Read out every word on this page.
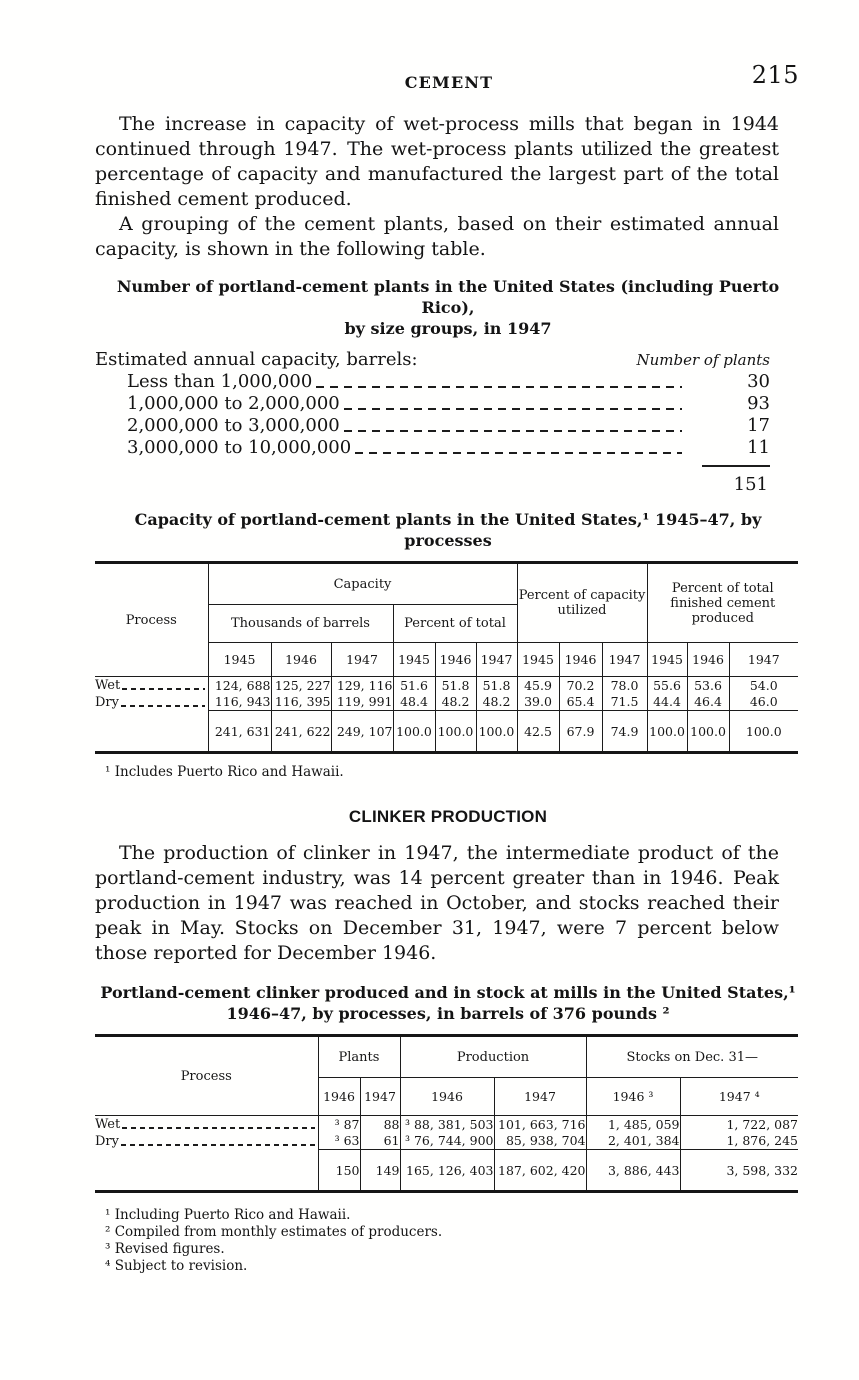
CEMENT	215

The increase in capacity of wet-process mills that began in 1944 continued through 1947. The wet-process plants utilized the greatest percentage of capacity and manufactured the largest part of the total finished cement produced.

A grouping of the cement plants, based on their estimated annual capacity, is shown in the following table.

Number of portland-cement plants in the United States (including Puerto Rico),
by size groups, in 1947
Estimated annual capacity, barrels:	Number of plants
Less than 1,000,000	30
1,000,000 to 2,000,000	93
2,000,000 to 3,000,000	17
3,000,000 to 10,000,000	11
151
Capacity of portland-cement plants in the United States,¹ 1945–47, by processes
Process	Capacity						Percent of capacity utilized			Percent of total finished cement produced		
	Thousands of barrels			Percent of total								
	1945	1946	1947	1945	1946	1947	1945	1946	1947	1945	1946	1947

Wet	124, 688	125, 227	129, 116	51.6	51.8	51.8	45.9	70.2	78.0	55.6	53.6	54.0

Dry	116, 943	116, 395	119, 991	48.4	48.2	48.2	39.0	65.4	71.5	44.4	46.4	46.0
	241, 631	241, 622	249, 107	100.0	100.0	100.0	42.5	67.9	74.9	100.0	100.0	100.0
¹ Includes Puerto Rico and Hawaii.
CLINKER PRODUCTION

The production of clinker in 1947, the intermediate product of the portland-cement industry, was 14 percent greater than in 1946. Peak production in 1947 was reached in October, and stocks reached their peak in May. Stocks on December 31, 1947, were 7 percent below those reported for December 1946.

Portland-cement clinker produced and in stock at mills in the United States,¹
1946–47, by processes, in barrels of 376 pounds ²
Process	Plants		Production		Stocks on Dec. 31—	
	1946	1947	1946	1947	1946 ³	1947 ⁴

Wet	³ 87	88	³ 88, 381, 503	101, 663, 716	1, 485, 059	1, 722, 087

Dry	³ 63	61	³ 76, 744, 900	85, 938, 704	2, 401, 384	1, 876, 245
	150	149	165, 126, 403	187, 602, 420	3, 886, 443	3, 598, 332
¹ Including Puerto Rico and Hawaii.
² Compiled from monthly estimates of producers.
³ Revised figures.
⁴ Subject to revision.
